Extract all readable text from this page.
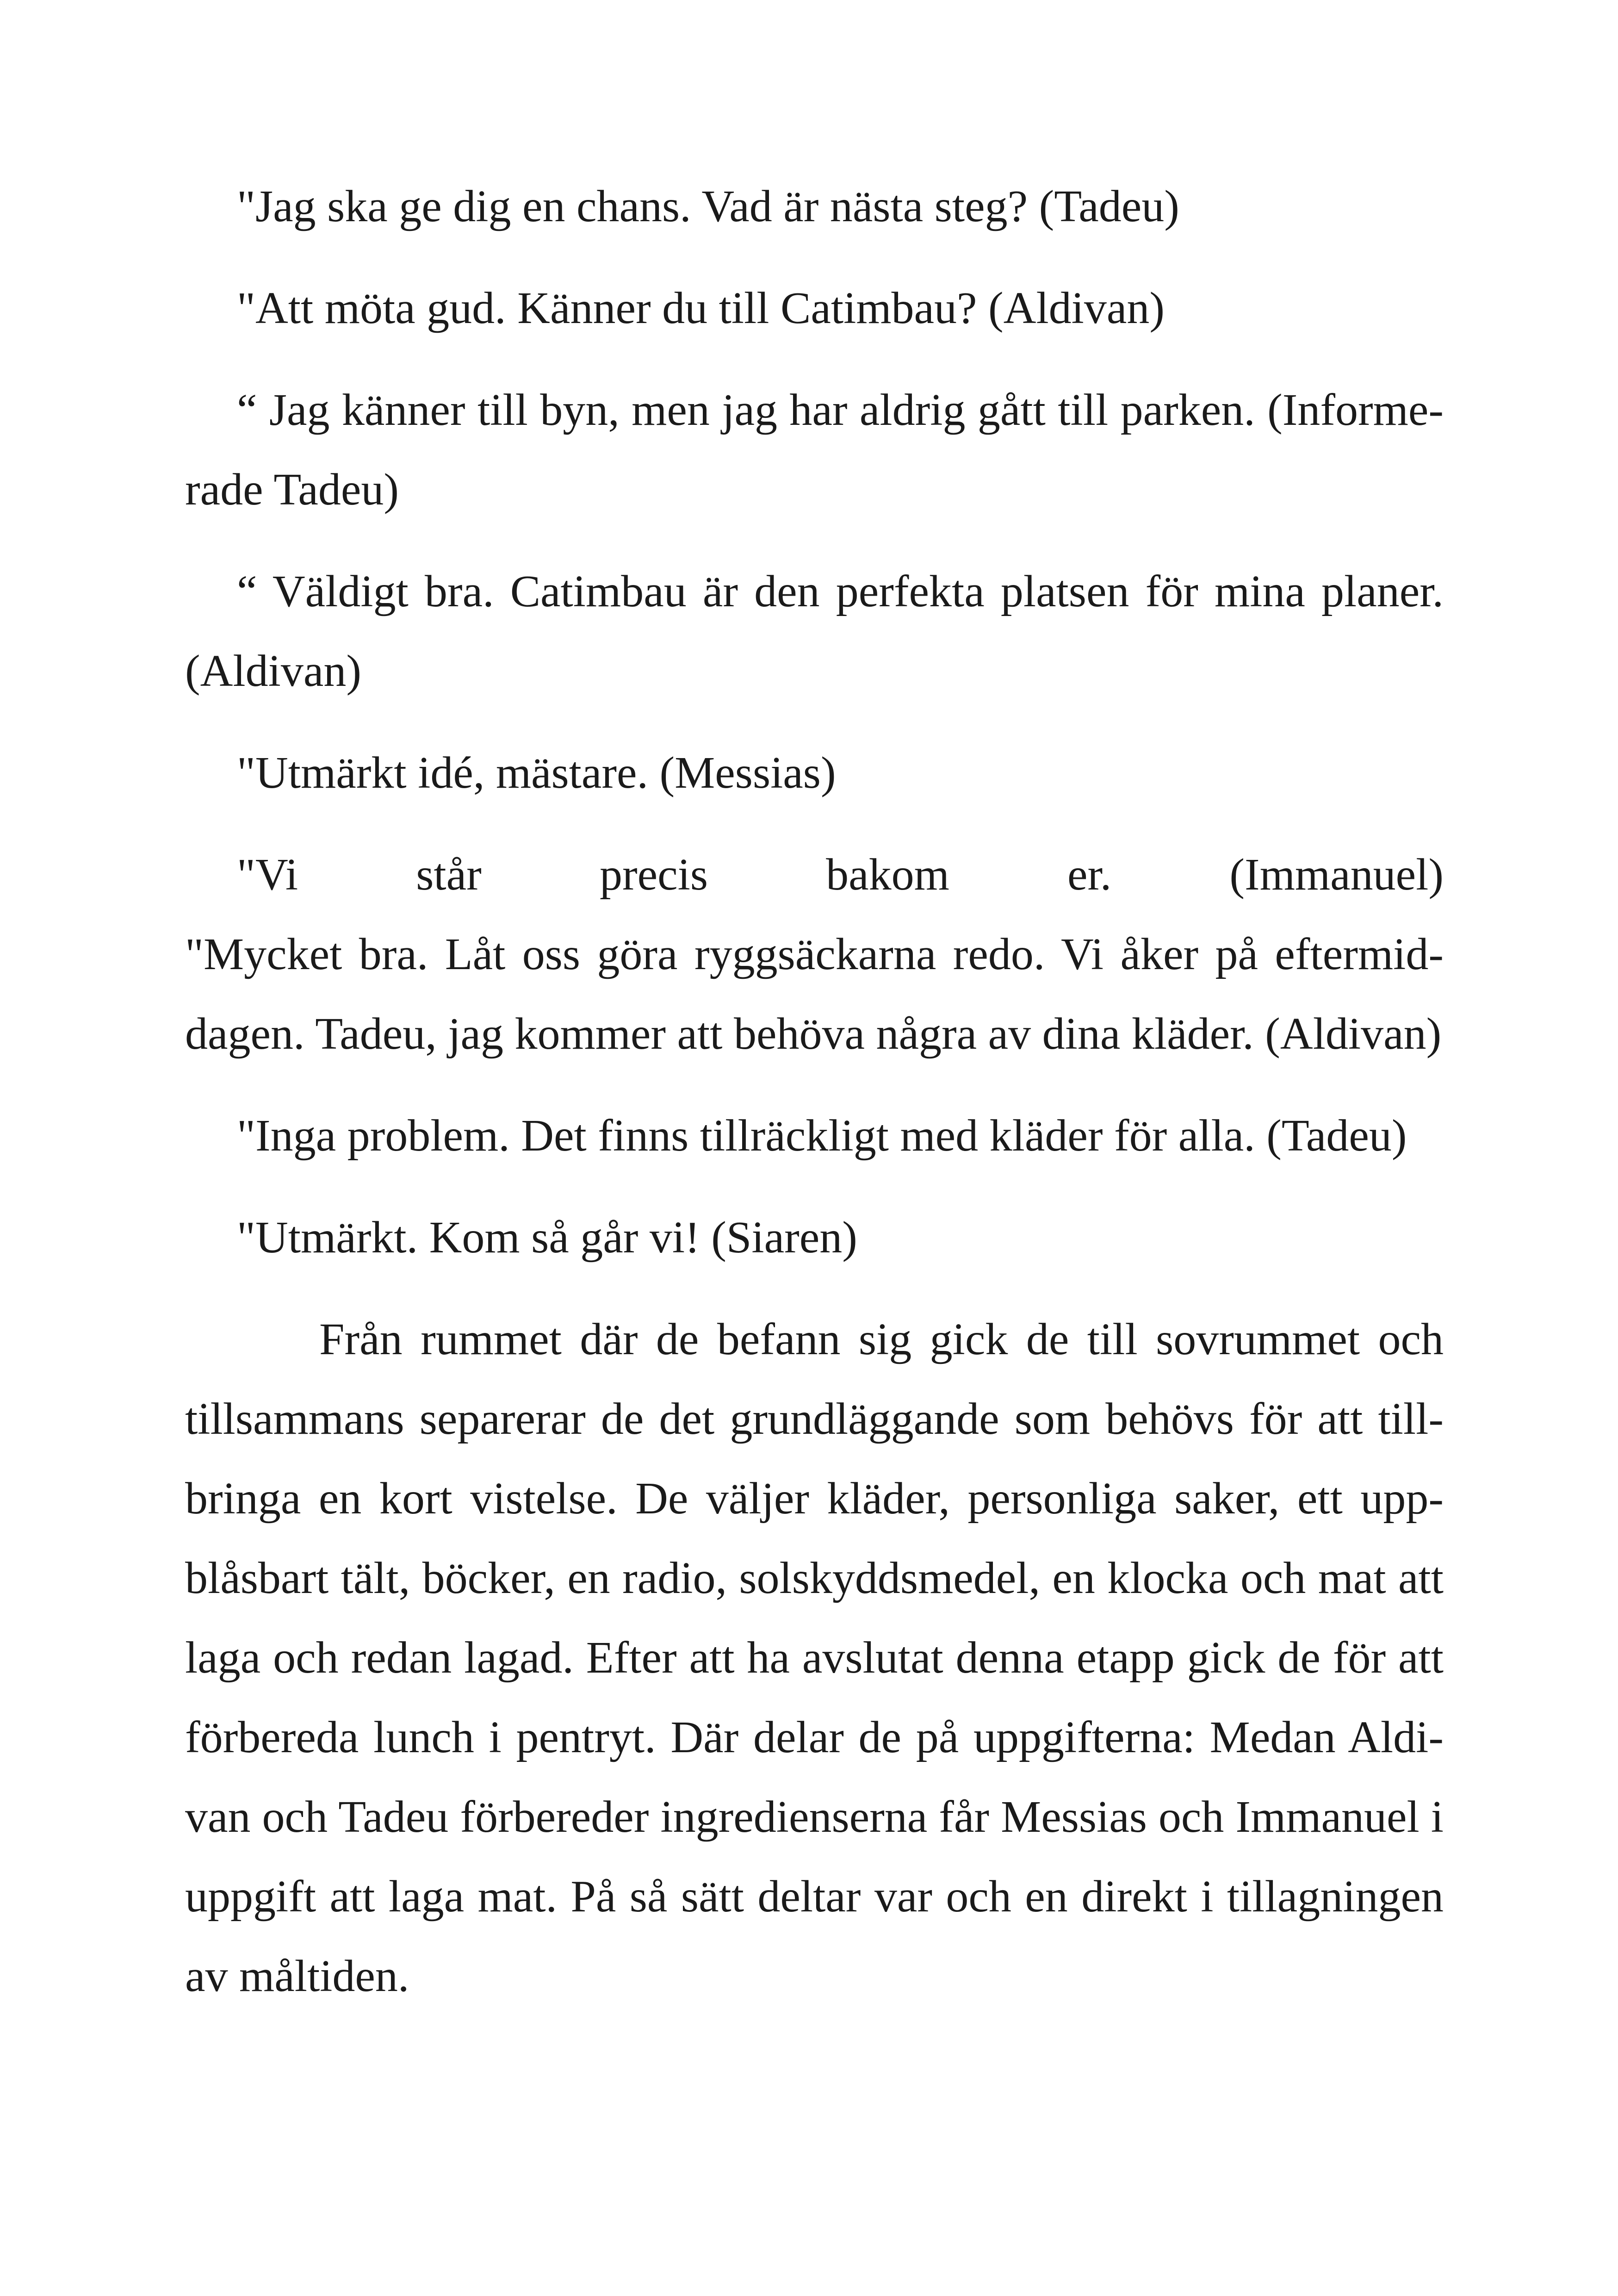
"Jag ska ge dig en chans. Vad är nästa steg? (Tadeu)

"Att möta gud. Känner du till Catimbau? (Aldivan)

“ Jag känner till byn, men jag har aldrig gått till parken. (Informerade Tadeu)

“ Väldigt bra. Catimbau är den perfekta platsen för mina planer. (Aldivan)

"Utmärkt idé, mästare. (Messias)

"Vi står precis bakom er. (Immanuel)

"Mycket bra. Låt oss göra ryggsäckarna redo. Vi åker på eftermiddagen. Tadeu, jag kommer att behöva några av dina kläder. (Aldivan)

"Inga problem. Det finns tillräckligt med kläder för alla. (Tadeu)

"Utmärkt. Kom så går vi! (Siaren)

Från rummet där de befann sig gick de till sovrummet och tillsammans separerar de det grundläggande som behövs för att tillbringa en kort vistelse. De väljer kläder, personliga saker, ett uppblåsbart tält, böcker, en radio, solskyddsmedel, en klocka och mat att laga och redan lagad. Efter att ha avslutat denna etapp gick de för att förbereda lunch i pentryt. Där delar de på uppgifterna: Medan Aldivan och Tadeu förbereder ingredienserna får Messias och Immanuel i uppgift att laga mat. På så sätt deltar var och en direkt i tillagningen av måltiden.
